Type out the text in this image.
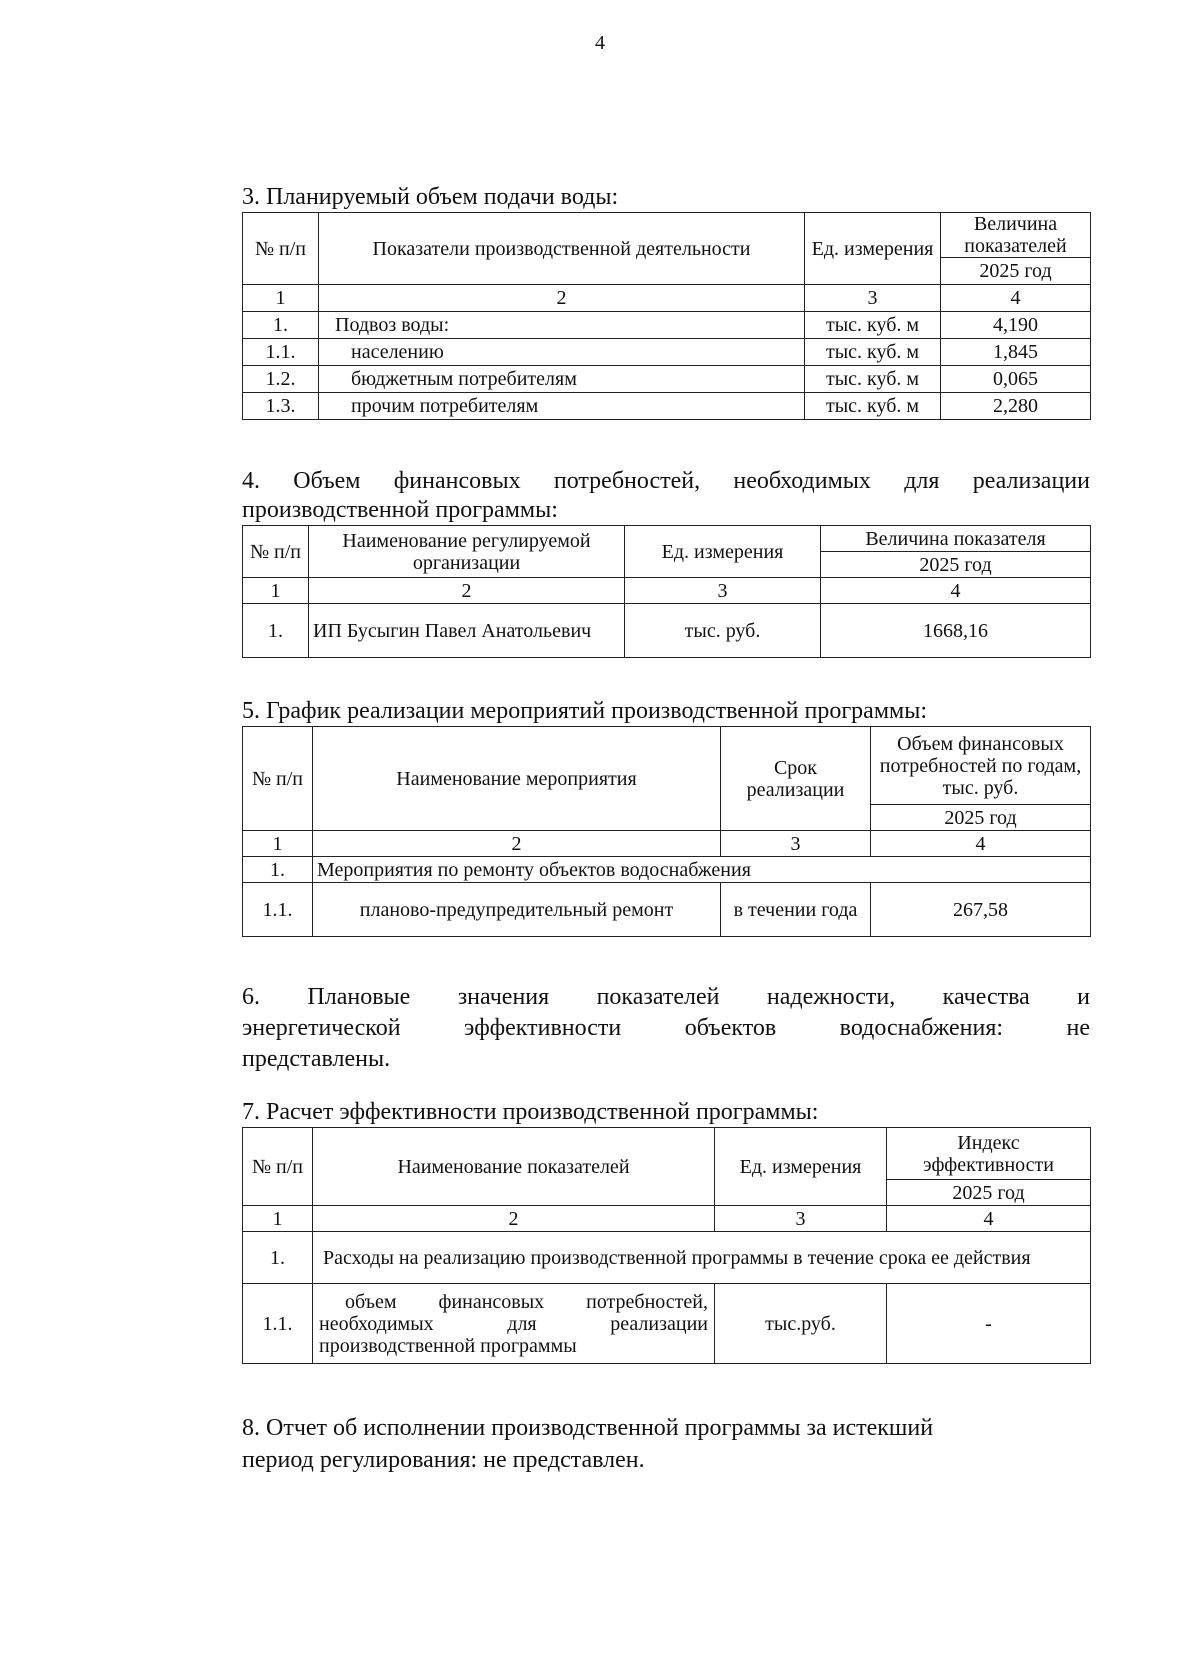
4
3. Планируемый объем подачи воды:
№ п/п	Показатели производственной деятельности	Ед. измерения	Величина показателей
			2025 год
1	2	3	4
1.	Подвоз воды:	тыс. куб. м	4,190
1.1.	населению	тыс. куб. м	1,845
1.2.	бюджетным потребителям	тыс. куб. м	0,065
1.3.	прочим потребителям	тыс. куб. м	2,280
4. Объем финансовых потребностей, необходимых для реализации
производственной программы:
№ п/п	Наименование регулируемой организации	Ед. измерения	Величина показателя
			2025 год
1	2	3	4
1.	ИП Бусыгин Павел Анатольевич	тыс. руб.	1668,16
5. График реализации мероприятий производственной программы:
№ п/п	Наименование мероприятия	Срок реализации	Объем финансовых потребностей по годам, тыс. руб.
			2025 год
1	2	3	4
1.	Мероприятия по ремонту объектов водоснабжения		
1.1.	планово-предупредительный ремонт	в течении года	267,58
6. Плановые значения показателей надежности, качества и
энергетической эффективности объектов водоснабжения: не
представлены.
7. Расчет эффективности производственной программы:
№ п/п	Наименование показателей	Ед. измерения	Индекс эффективности
			2025 год
1	2	3	4
1.	Расходы на реализацию производственной программы в течение срока ее действия		
1.1.	объем финансовых потребностей,
необходимых для реализации
производственной программы	тыс.руб.	-
8. Отчет об исполнении производственной программы за истекший
период регулирования: не представлен.
